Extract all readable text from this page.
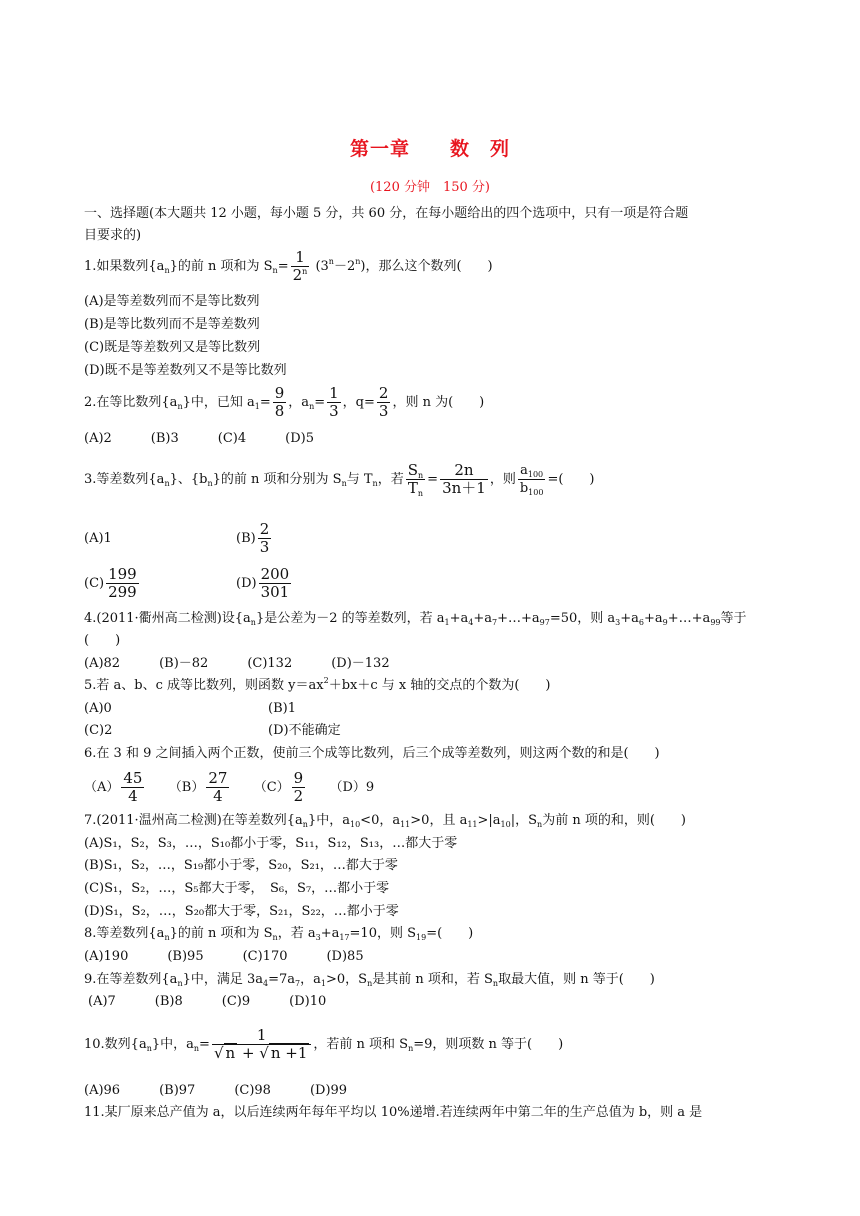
第一章　　数　列
(120 分钟　150 分)
一、选择题(本大题共 12 小题，每小题 5 分，共 60 分，在每小题给出的四个选项中，只有一项是符合题
目要求的)
1.如果数列$\{a_n\}$的前 n 项和为 $S_n= \frac{1}{2^n} (3^n-2^n)$，那么这个数列(　　)
(A)是等差数列而不是等比数列
(B)是等比数列而不是等差数列
(C)既是等差数列又是等比数列
(D)既不是等差数列又不是等比数列
2.在等比数列$\{a_n\}$中，已知 $a_1= \frac{9}{8}$ ，$a_n= \frac{1}{3}$ ，$q= \frac{2}{3}$ ，则 n 为(　　)
(A)2　　　(B)3　　　(C)4　　　(D)5
3.等差数列$\{a_n\}$、$\{b_n\}$的前 n 项和分别为 $S_n$与 $T_n$，若 $\frac{S_n}{T_n} = \frac{2n}{3n+1}$ ，则 $\frac{a_{100}}{b_{100}}$ =(　　)
(A)1	$(B) \frac{2}{3}$
$(C) \frac{199}{299}$	$(D) \frac{200}{301}$
4.(2011·衢州高二检测)设$\{a_n\}$是公差为－2 的等差数列，若 $a_1+a_4+a_7+\dots+a_{97}=50$，则 $a_3+a_6+a_9+\dots+a_{99}$等于
(　　)
(A)82　　　(B)－82　　　(C)132　　　(D)－132
5.若 a、b、c 成等比数列，则函数 $y=ax^2+bx+c$ 与 x 轴的交点的个数为(　　)
(A)0	(B)1
(C)2	(D)不能确定
6.在 3 和 9 之间插入两个正数，使前三个成等比数列，后三个成等差数列，则这两个数的和是(　　)
$(A) \frac{45}{4} (B) \frac{27}{4} (C) \frac{9}{2} (D)9$
7.(2011·温州高二检测)在等差数列$\{a_n\}$中，$a_{10}<0$，$a_{11}>0$，且 $a_{11}>|a_{10}|$，$S_n$为前 n 项的和，则(　　)
(A)S₁，S₂，S₃，…，S₁₀都小于零，S₁₁，S₁₂，S₁₃，…都大于零
(B)S₁，S₂，…，S₁₉都小于零，S₂₀，S₂₁，…都大于零
(C)S₁，S₂，…，S₅都大于零，　S₆，S₇，…都小于零
(D)S₁，S₂，…，S₂₀都大于零，S₂₁，S₂₂，…都小于零
8.等差数列$\{a_n\}$的前 n 项和为 $S_n$，若 $a_3+a_{17}=10$，则 $S_{19}=$(　　)
(A)190　　　(B)95　　　(C)170　　　(D)85
9.在等差数列$\{a_n\}$中，满足 $3a_4=7a_7$，$a_1>0$，$S_n$是其前 n 项和，若 $S_n$取最大值，则 n 等于(　　)
(A)7　　　(B)8　　　(C)9　　　(D)10
10.数列$\{a_n\}$中，$a_n= \frac{1}{√ n + √ n +1}$ ，若前 n 项和 $S_n=9$，则项数 n 等于(　　)
(A)96　　　(B)97　　　(C)98　　　(D)99
11.某厂原来总产值为 a，以后连续两年每年平均以 10%递增.若连续两年中第二年的生产总值为 b，则 a 是
